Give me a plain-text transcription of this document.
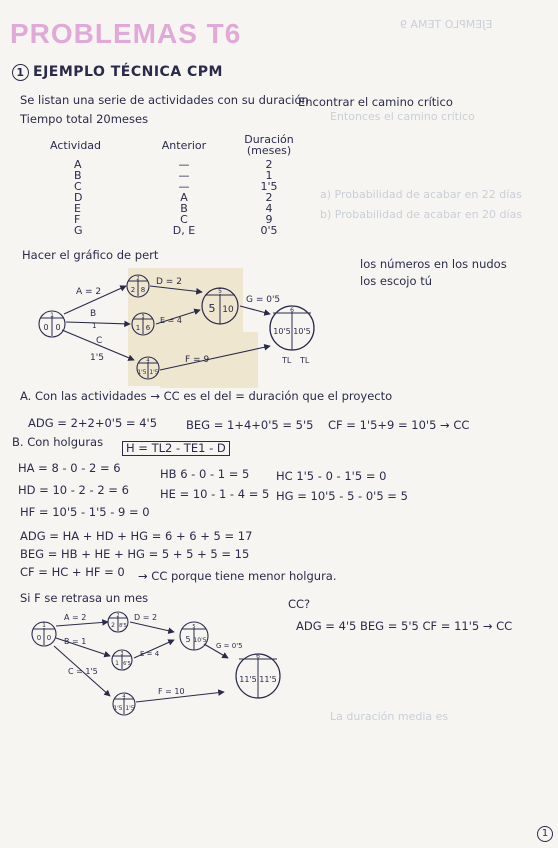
EJEMPLO TEMA 9
Entonces el camino crítico
a) Probabilidad de acabar en 22 días
b) Probabilidad de acabar en 20 días
La duración media es
PROBLEMAS T6
1 EJEMPLO TÉCNICA CPM
Se listan una serie de actividades con su duración
Encontrar el camino crítico
Tiempo total 20meses
Actividad	Anterior	Duración (meses)
A	—	2
B	—	1
C	—	1'5
D	A	2
E	B	4
F	C	9
G	D, E	0'5
Hacer el gráfico de pert
los números en los nudos
los escojo tú
1
0 0
2
2 8
3
1 6
4
1'5 1'5
5
5 10	6
10'5 10'5
A = 2
B
1
C
1'5
D = 2
E = 4
F = 9
G = 0'5
TL TL
A. Con las actividades → CC es el del = duración que el proyecto
ADG = 2+2+0'5 = 4'5	BEG = 1+4+0'5 = 5'5 CF = 1'5+9 = 10'5 → CC
B. Con holguras	H = TL2 - TE1 - D
HA = 8 - 0 - 2 = 6	HB 6 - 0 - 1 = 5 HC 1'5 - 0 - 1'5 = 0
HD = 10 - 2 - 2 = 6	HE = 10 - 1 - 4 = 5 HG = 10'5 - 5 - 0'5 = 5
HF = 10'5 - 1'5 - 9 = 0
ADG = HA + HD + HG = 6 + 6 + 5 = 17
BEG = HB + HE + HG = 5 + 5 + 5 = 15
CF = HC + HF = 0 → CC porque tiene menor holgura.
Si F se retrasa un mes	CC?
ADG = 4'5 BEG = 5'5 CF = 11'5 → CC
1
0 0
2
2 8'5
3
1 6'5
4
1'5 1'5
5
5 10'5
6
11'5 11'5
A = 2
B = 1
C = 1'5
D = 2
E = 4
F = 10
G = 0'5
1
